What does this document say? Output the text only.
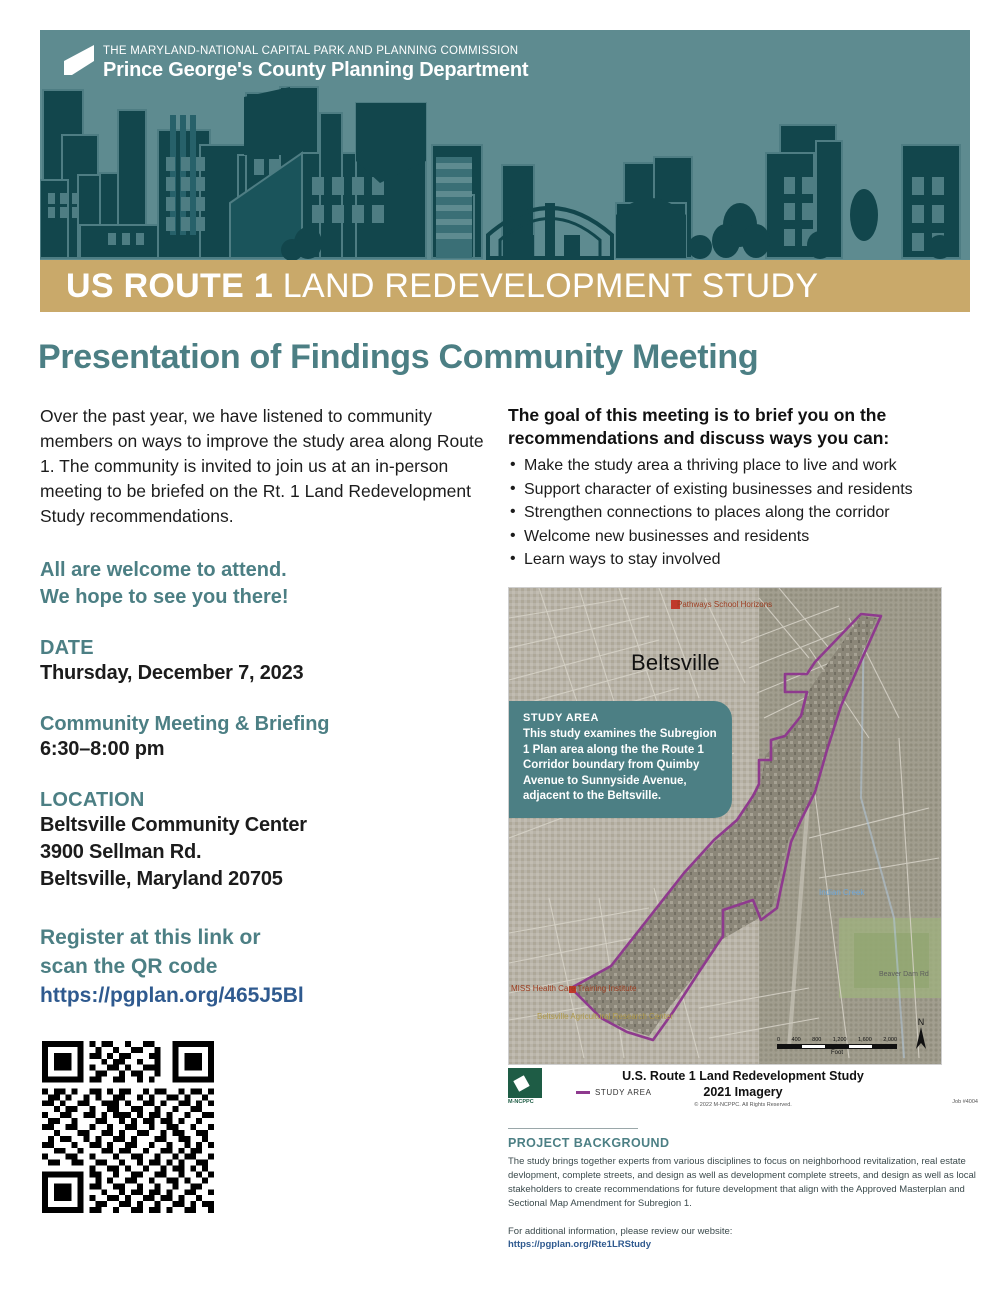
THE MARYLAND-NATIONAL CAPITAL PARK AND PLANNING COMMISSION
Prince George's County Planning Department
US ROUTE 1 LAND REDEVELOPMENT STUDY
Presentation of Findings Community Meeting
Over the past year, we have listened to community members on ways to improve the study area along Route 1. The community is invited to join us at an in-person meeting to be briefed on the Rt. 1 Land Redevelopment Study recommendations.
All are welcome to attend.
We hope to see you there!
DATE
Thursday, December 7, 2023
Community Meeting & Briefing
6:30–8:00 pm
LOCATION
Beltsville Community Center
3900 Sellman Rd.
Beltsville, Maryland 20705
Register at this link or
scan the QR code
https://pgplan.org/465J5Bl
The goal of this meeting is to brief you on the
recommendations and discuss ways you can:
• Make the study area a thriving place to live and work
• Support character of existing businesses and residents
• Strengthen connections to places along the corridor
• Welcome new businesses and residents
• Learn ways to stay involved
Beltsville
STUDY AREA
This study examines the Subregion 1 Plan area along the the Route 1 Corridor boundary from Quimby Avenue to Sunnyside Avenue, adjacent to the Beltsville.
Pathways School Horizons
MISS Health Care Training Institute
Beltsville Agricultural Research Center
Indian Creek
Beaver Dam Rd
0 400 800 1,200 1,600 2,000
Foot
N
M-NCPPC
STUDY AREA
U.S. Route 1 Land Redevelopment Study
2021 Imagery
© 2022 M-NCPPC. All Rights Reserved.	Job #4004
PROJECT BACKGROUND
The study brings together experts from various disciplines to focus on neighborhood revitalization, real estate devlopment, complete streets, and design as well as development complete streets, and design as well as local stakeholders to create recommendations for future development that align with the Approved Masterplan and Sectional Map Amendment for Subregion 1.
For additional information, please review our website:
https://pgplan.org/Rte1LRStudy
